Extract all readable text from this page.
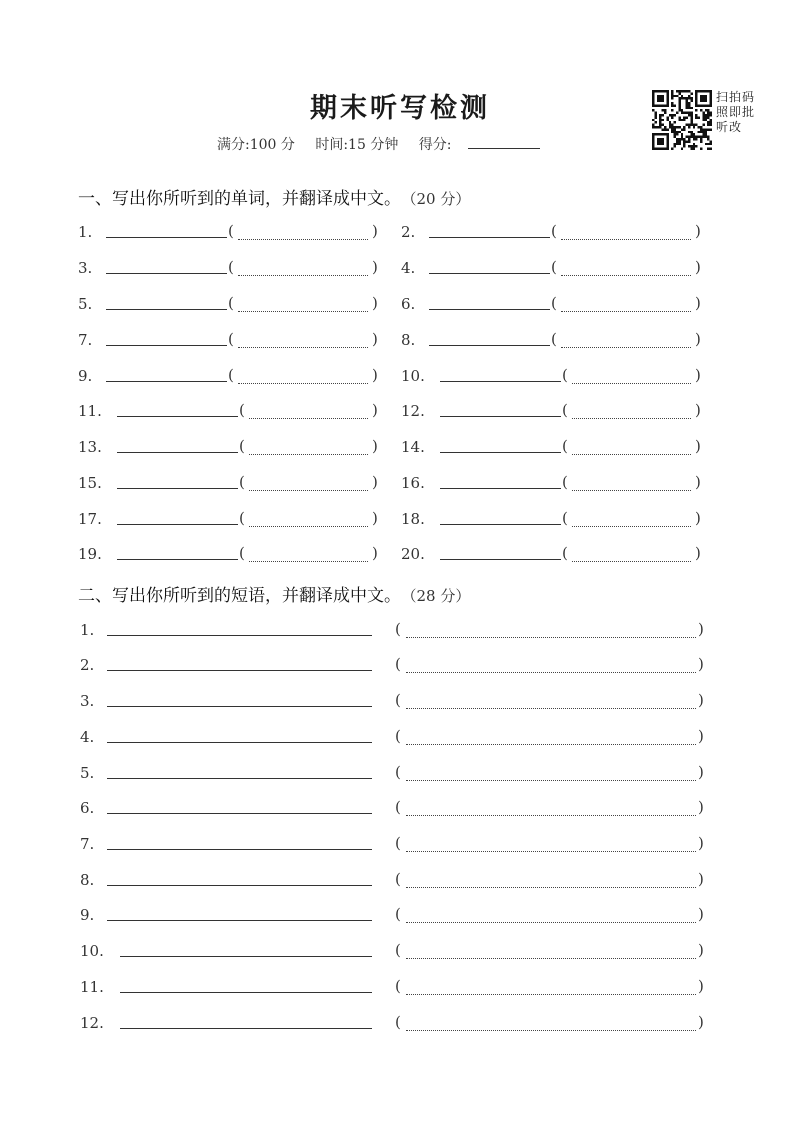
期末听写检测
满分:100 分 时间:15 分钟 得分:
扫拍码照即批听改
一、写出你所听到的单词，并翻译成中文。 （20 分）
1.	(	) 2.	(	)
3.	(	) 4.	(	)
5.	(	) 6.	(	)
7.	(	) 8.	(	)
9.	(	) 10.	(	)
11.	(	) 12.	(	)
13.	(	) 14.	(	)
15.	(	) 16.	(	)
17.	(	) 18.	(	)
19.	(	) 20.	(	)
二、写出你所听到的短语，并翻译成中文。 （28 分）
1.	(	)
2.	(	)
3.	(	)
4.	(	)
5.	(	)
6.	(	)
7.	(	)
8.	(	)
9.	(	)
10.	(	)
11.	(	)
12.	(	)
